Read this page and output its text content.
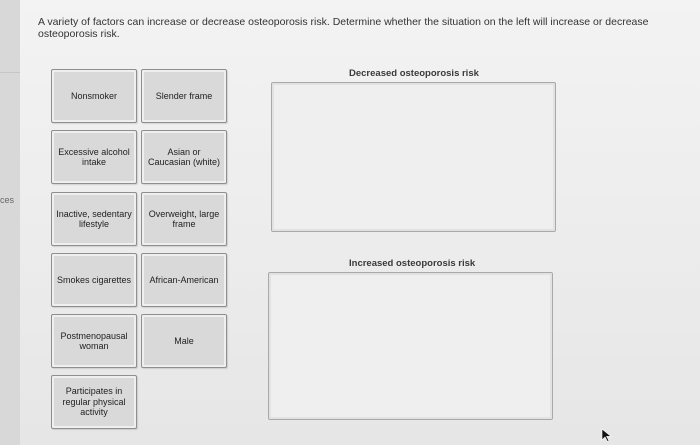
ces
A variety of factors can increase or decrease osteoporosis risk. Determine whether the situation on the left will increase or decrease osteoporosis risk.
Nonsmoker
Excessive alcohol intake
Inactive, sedentary lifestyle
Smokes cigarettes
Postmenopausal woman
Participates in regular physical activity
Slender frame
Asian or Caucasian (white)
Overweight, large frame
African-American
Male
Decreased osteoporosis risk
Increased osteoporosis risk
